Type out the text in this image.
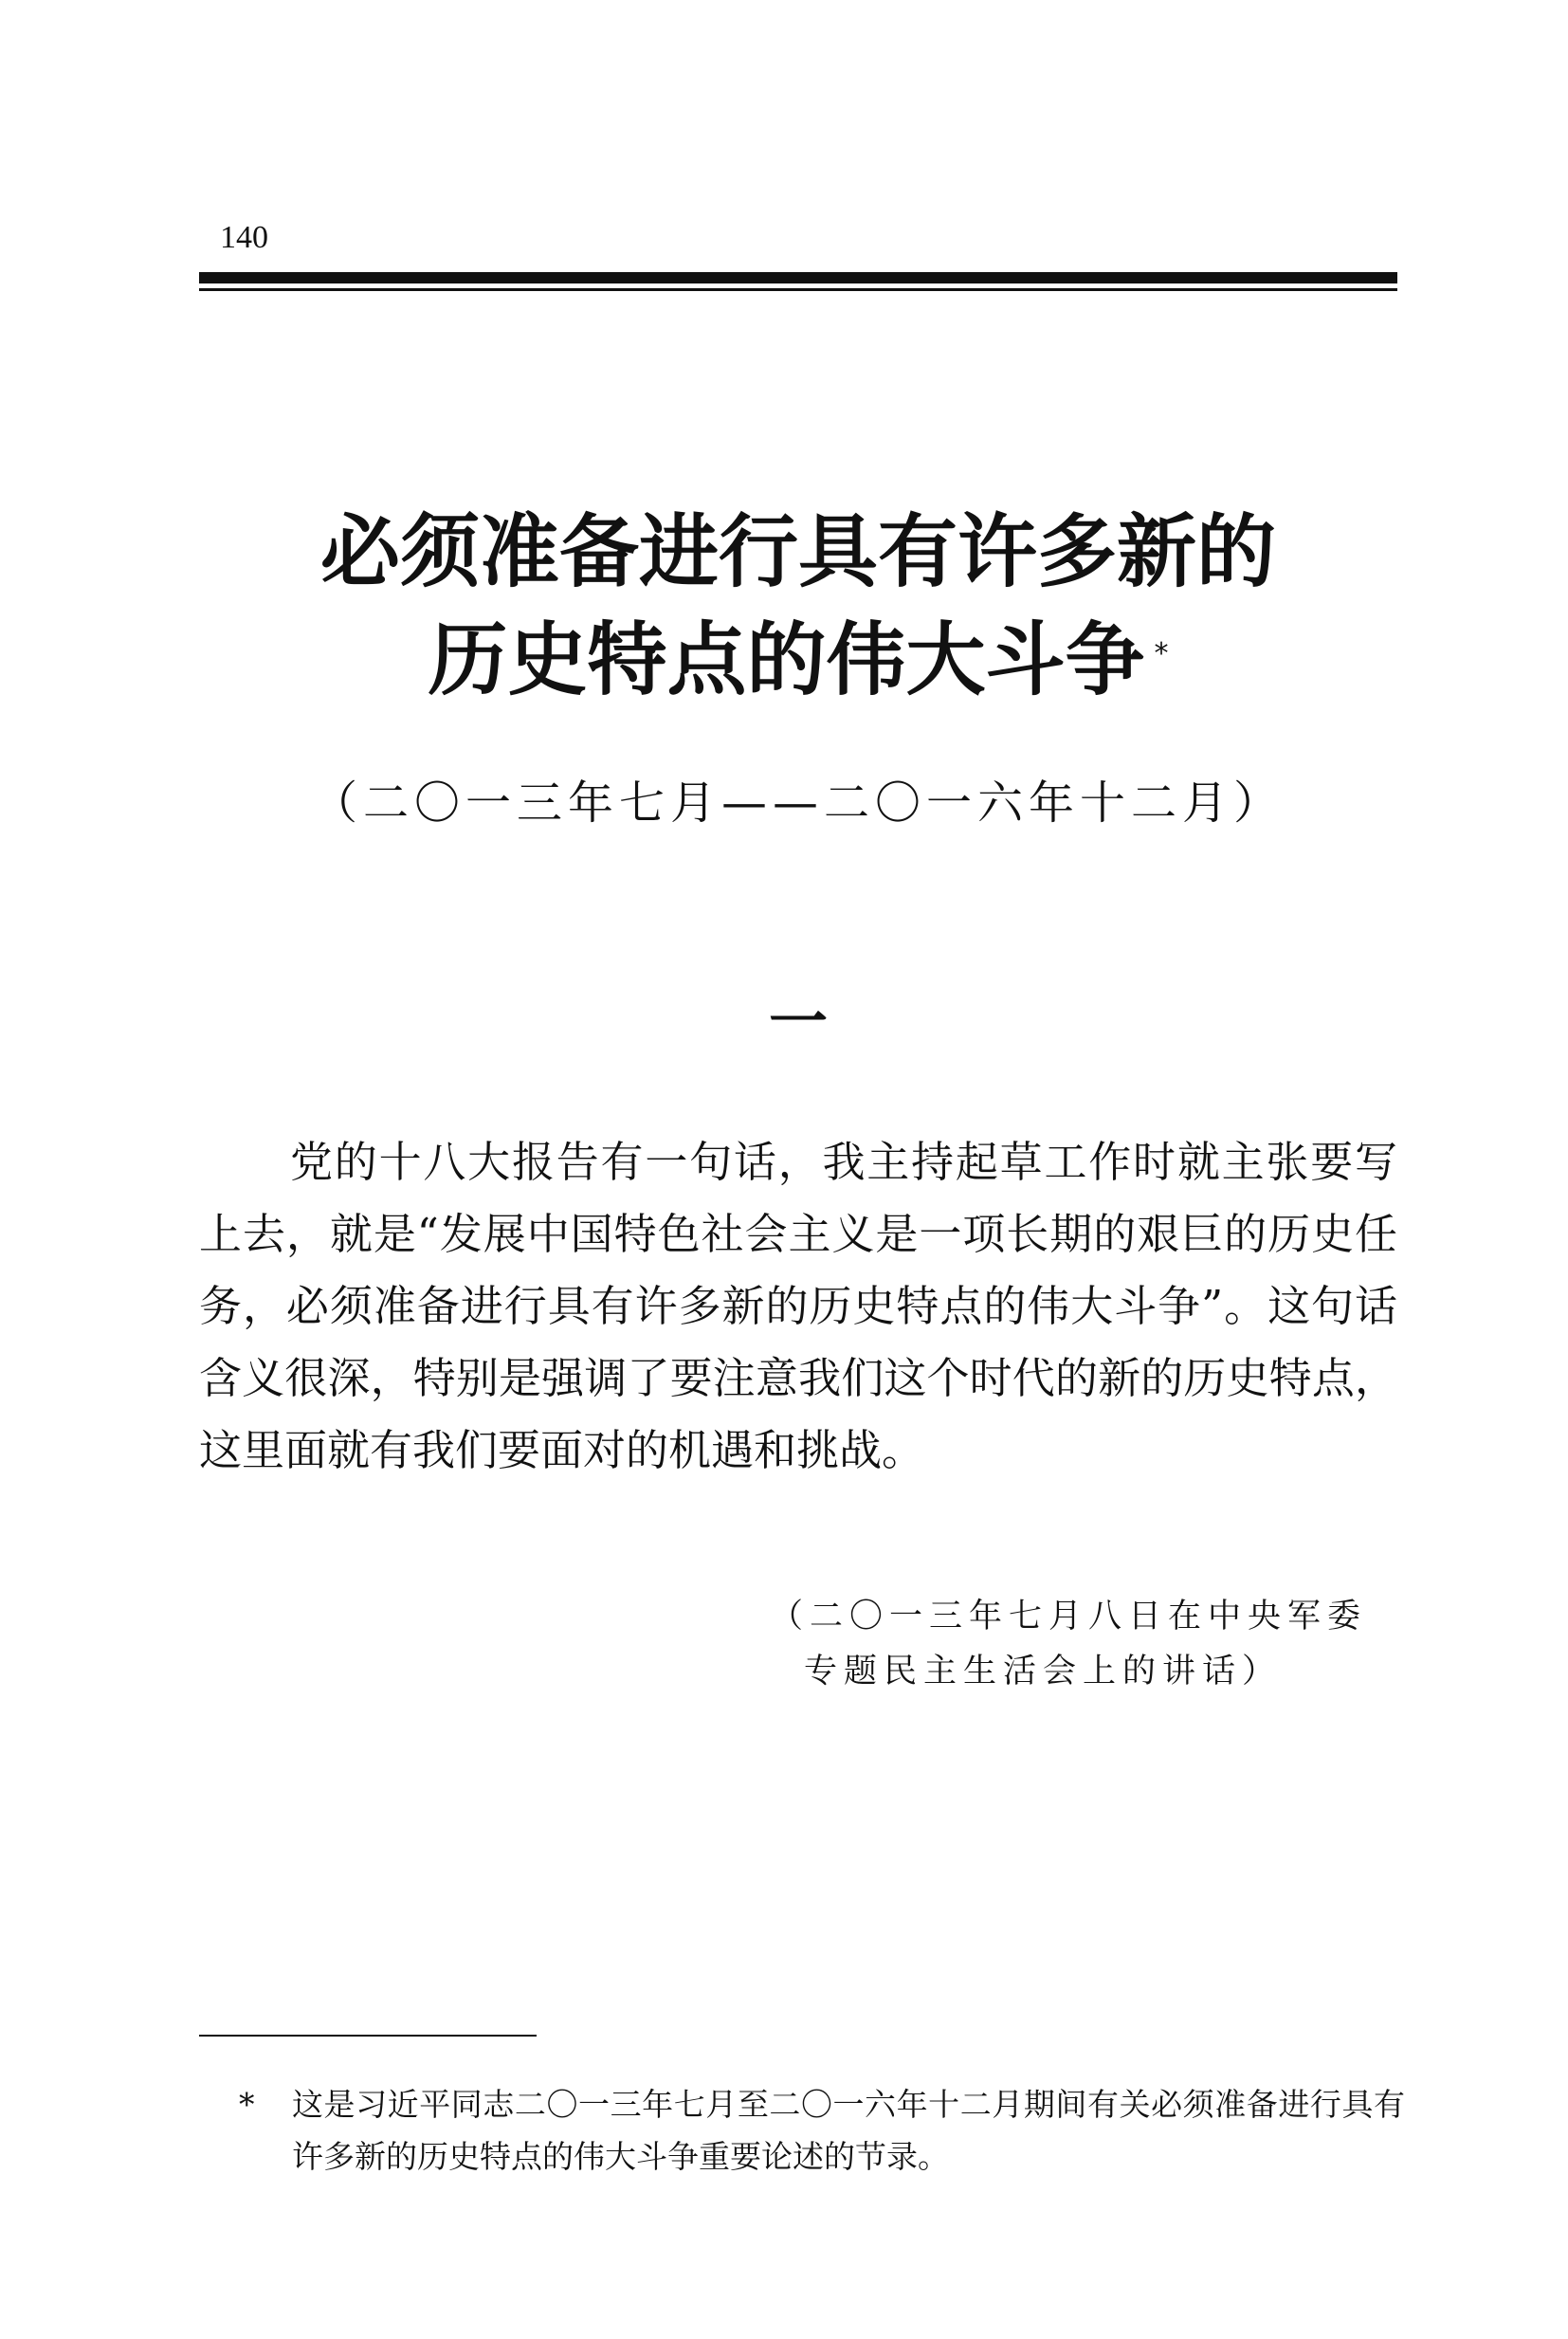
140
必须准备进行具有许多新的
历史特点的伟大斗争 *
（二〇一三年七月——二〇一六年十二月）
一

党的十八大报告有一句话，我主持起草工作时就主张要写上去，就是“发展中国特色社会主义是一项长期的艰巨的历史任务，必须准备进行具有许多新的历史特点的伟大斗争”。这句话含义很深，特别是强调了要注意我们这个时代的新的历史特点，这里面就有我们要面对的机遇和挑战。

（二〇一三年七月八日在中央军委
专题民主生活会上的讲话）
* 这是习近平同志二〇一三年七月至二〇一六年十二月期间有关必须准备进行具有许多新的历史特点的伟大斗争重要论述的节录。
